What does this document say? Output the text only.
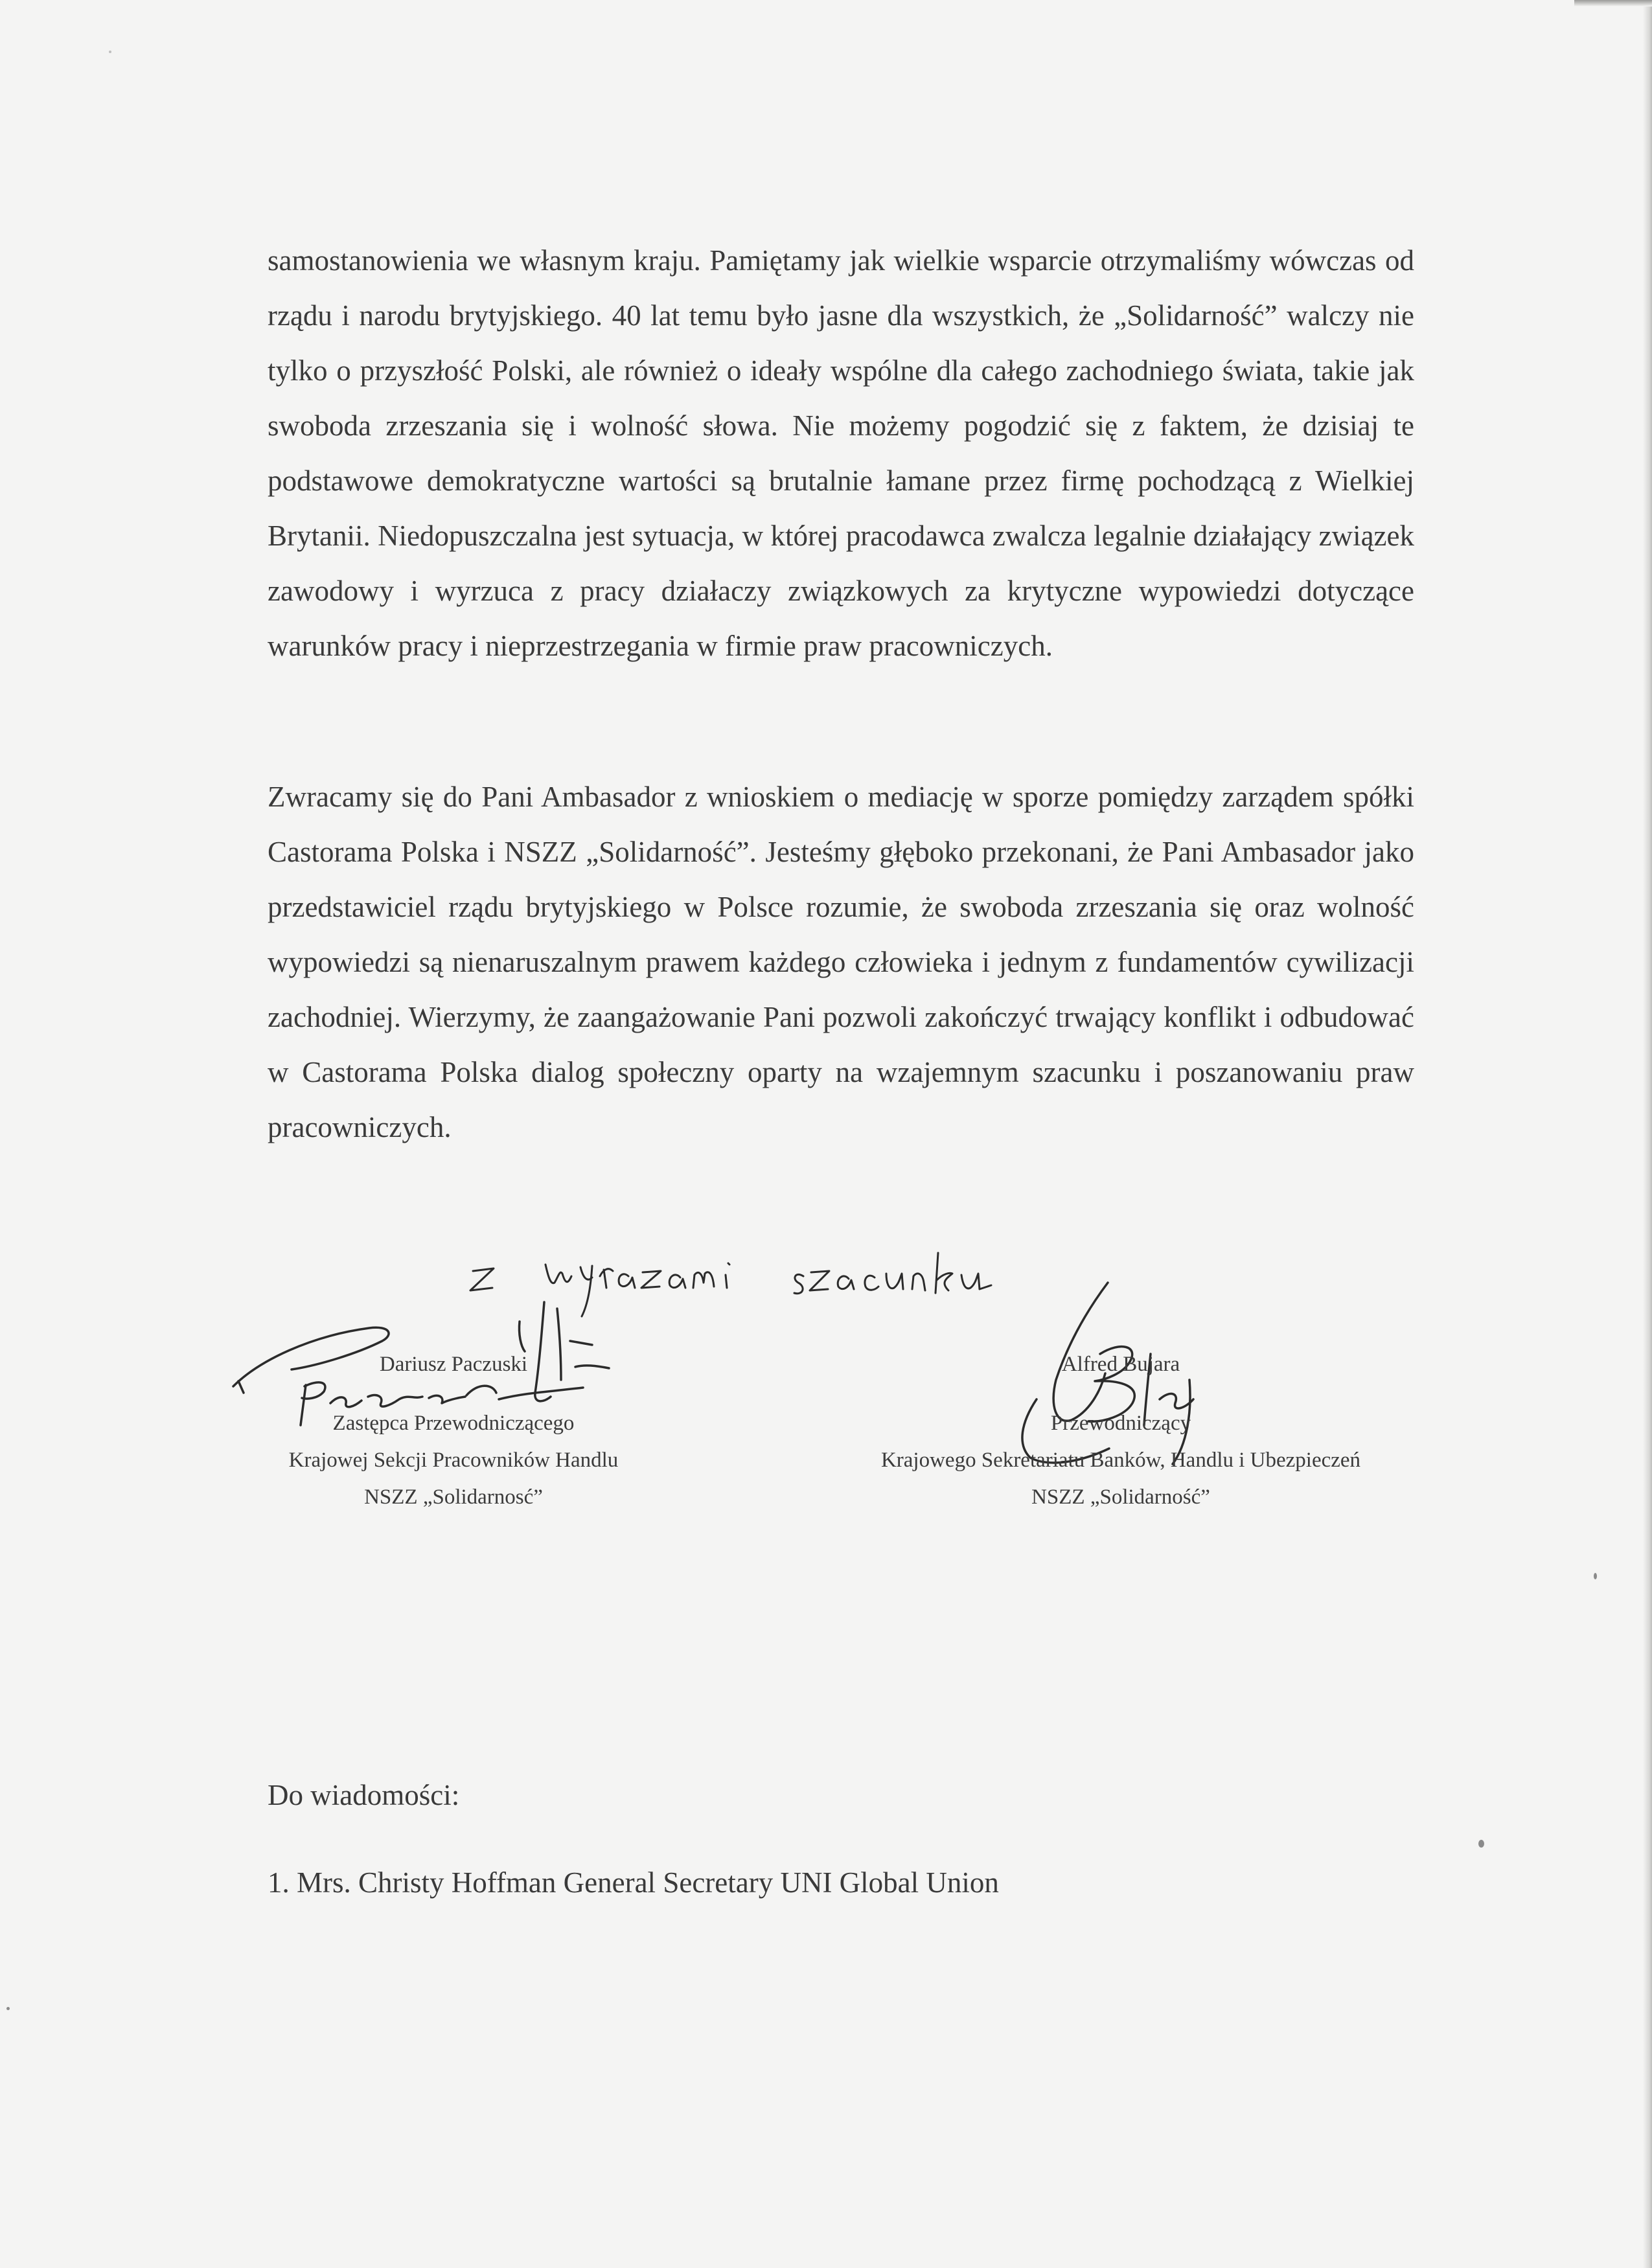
samostanowienia we własnym kraju. Pamiętamy jak wielkie wsparcie otrzymaliśmy wówczas od rządu i narodu brytyjskiego. 40 lat temu było jasne dla wszystkich, że „Solidarność” walczy nie tylko o przyszłość Polski, ale również o ideały wspólne dla całego zachodniego świata, takie jak swoboda zrzeszania się i wolność słowa. Nie możemy pogodzić się z faktem, że dzisiaj te podstawowe demokratyczne wartości są brutalnie łamane przez firmę pochodzącą z Wielkiej Brytanii. Niedopuszczalna jest sytuacja, w której pracodawca zwalcza legalnie działający związek zawodowy i wyrzuca z pracy działaczy związkowych za krytyczne wypowiedzi dotyczące warunków pracy i nieprzestrzegania w firmie praw pracowniczych.

Zwracamy się do Pani Ambasador z wnioskiem o mediację w sporze pomiędzy zarządem spółki Castorama Polska i NSZZ „Solidarność”. Jesteśmy głęboko przekonani, że Pani Ambasador jako przedstawiciel rządu brytyjskiego w Polsce rozumie, że swoboda zrzeszania się oraz wolność wypowiedzi są nienaruszalnym prawem każdego człowieka i jednym z fundamentów cywilizacji zachodniej. Wierzymy, że zaangażowanie Pani pozwoli zakończyć trwający konflikt i odbudować w Castorama Polska dialog społeczny oparty na wzajemnym szacunku i poszanowaniu praw pracowniczych.

Dariusz Paczuski
Zastępca Przewodniczącego
Krajowej Sekcji Pracowników Handlu
NSZZ „Solidarnosć”
Alfred Bujara
Przewodniczący
Krajowego Sekretariatu Banków, Handlu i Ubezpieczeń
NSZZ „Solidarność”
Do wiadomości:
1. Mrs. Christy Hoffman General Secretary UNI Global Union
